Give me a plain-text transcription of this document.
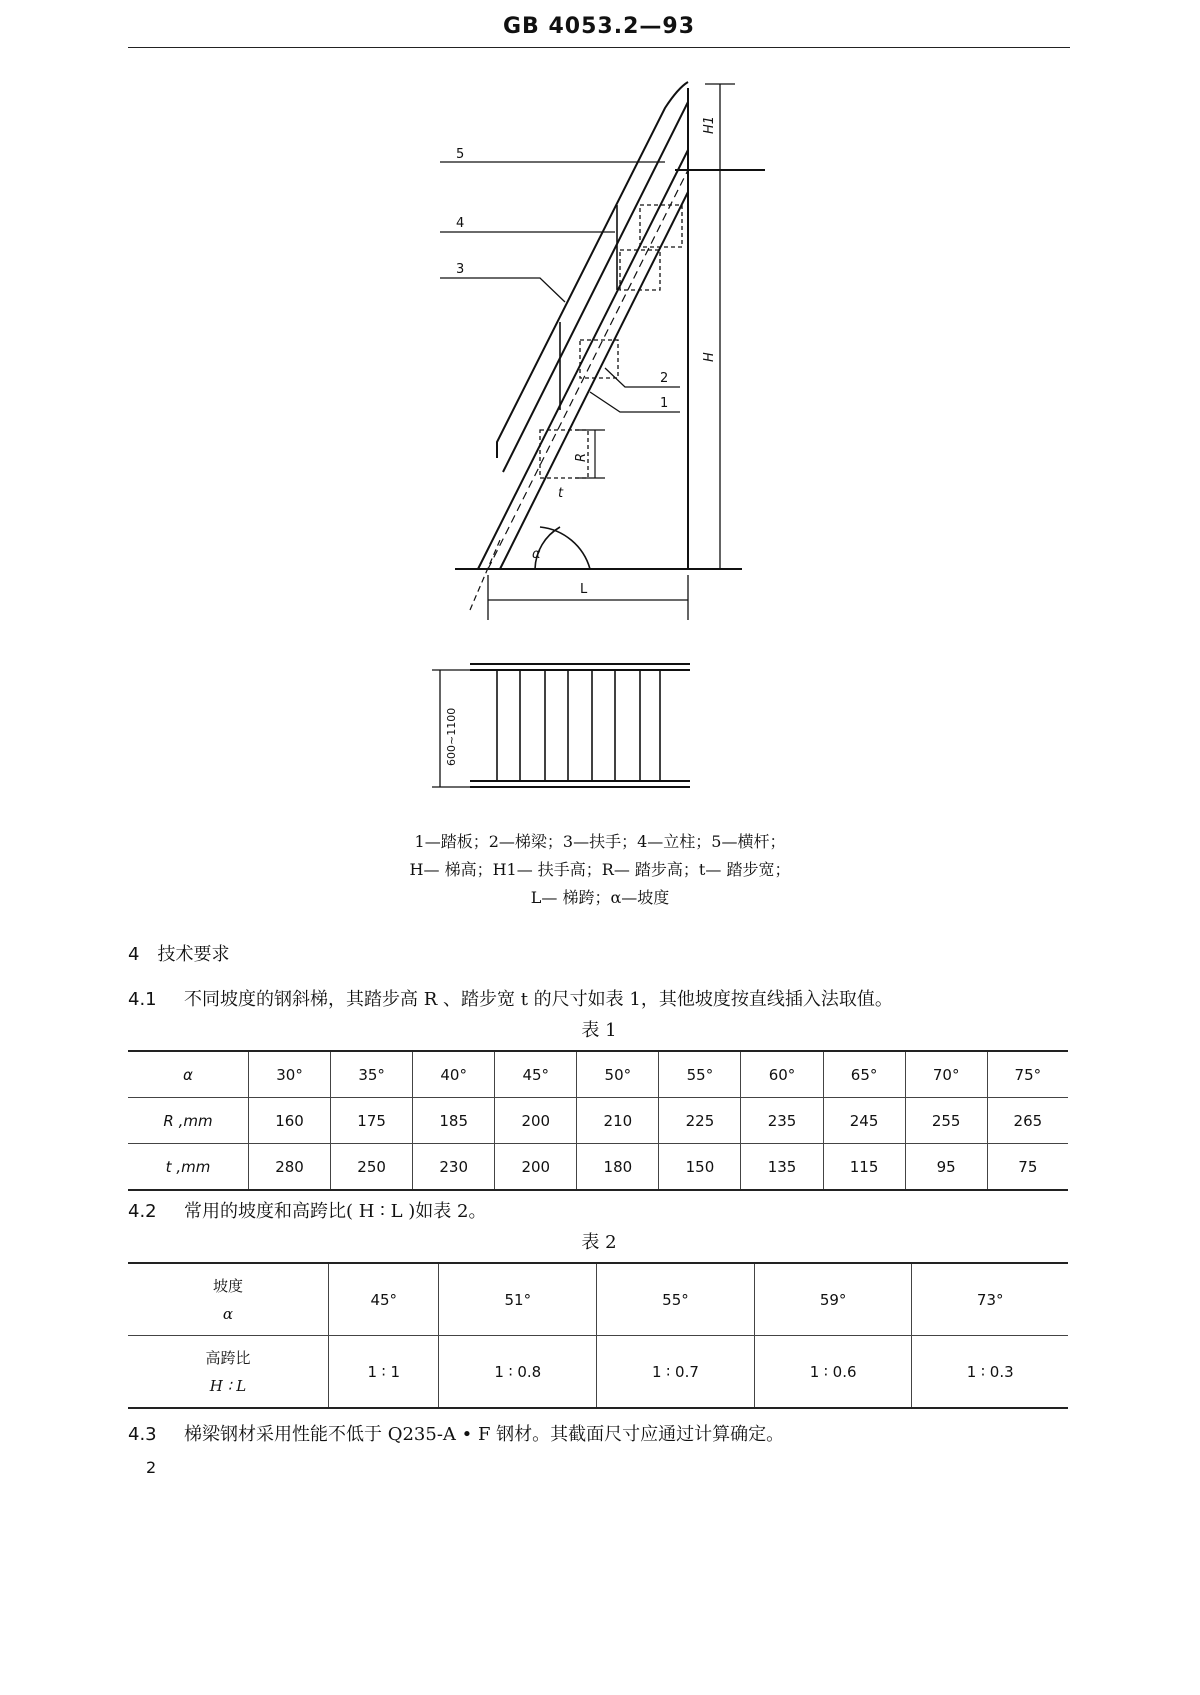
GB 4053.2—93
5
4
3
2
1
H1
H
R
t
α
L
600~1100
1—踏板；2—梯梁；3—扶手；4—立柱；5—横杆；
H— 梯高；H1— 扶手高；R— 踏步高；t— 踏步宽；
L— 梯跨；α—坡度
4 技术要求
4.1 不同坡度的钢斜梯，其踏步高 R 、踏步宽 t 的尺寸如表 1，其他坡度按直线插入法取值。
表 1
α	30°	35°	40°	45°	50°	55°	60°	65°	70°	75°
R ,mm	160	175	185	200	210	225	235	245	255	265
t ,mm	280	250	230	200	180	150	135	115	95	75
4.2 常用的坡度和高跨比( H ∶ L )如表 2。
表 2
坡度
α	45°	51°	55°	59°	73°

高跨比
H ∶ L	1 ∶ 1	1 ∶ 0.8	1 ∶ 0.7	1 ∶ 0.6	1 ∶ 0.3
4.3 梯梁钢材采用性能不低于 Q235-A • F 钢材。其截面尺寸应通过计算确定。
2
